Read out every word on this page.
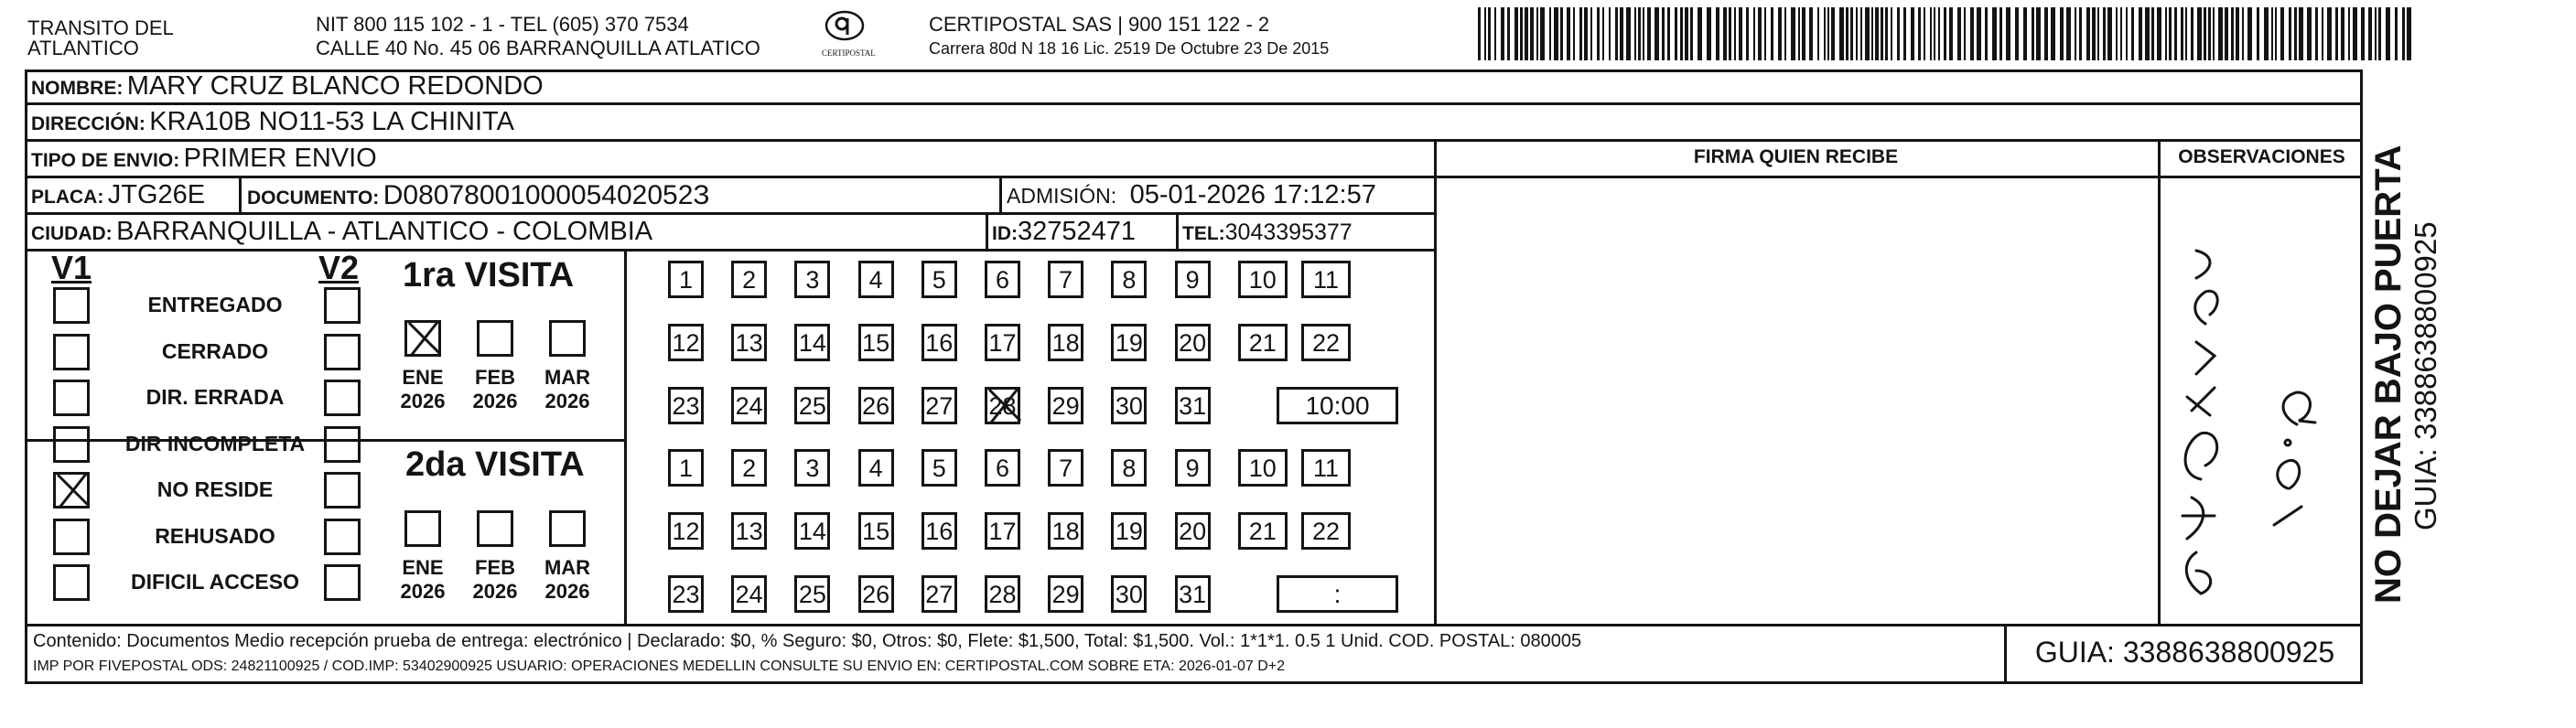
TRANSITO DEL
ATLANTICO
NIT 800 115 102 - 1 - TEL (605) 370 7534
CALLE 40 No. 45 06 BARRANQUILLA ATLATICO	CERTIPOSTAL
CERTIPOSTAL SAS | 900 151 122 - 2
Carrera 80d N 18 16 Lic. 2519 De Octubre 23 De 2015
NOMBRE: MARY CRUZ BLANCO REDONDO
DIRECCIÓN: KRA10B NO11-53 LA CHINITA
TIPO DE ENVIO: PRIMER ENVIO	FIRMA QUIEN RECIBE	OBSERVACIONES
PLACA: JTG26E DOCUMENTO: D0807800100005402052З	ADMISIÓN: 05-01-2026 17:12:57
CIUDAD: BARRANQUILLA - ATLANTICO - COLOMBIA	ID:32752471 TEL:3043395377
V1	V2
ENTREGADO
CERRADO
DIR. ERRADA
DIR INCOMPLETA
NO RESIDE
REHUSADO
DIFICIL ACCESO
1ra VISITA
ENE
2026
FEB
2026
MAR
2026
1	2	3	4	5	6	7	8	9	10	11
12 13 14 15 16 17 18 19 20	21	22
23 24 25 26 27 28 29 30 31	10:00
2da VISITA
ENE
2026
FEB
2026
MAR
2026
1	2	3	4	5	6	7	8	9	10	11
12 13 14 15 16 17 18 19 20	21	22
23 24 25 26 27 28 29 30 31	:
Contenido: Documentos Medio recepción prueba de entrega: electrónico | Declarado: $0, % Seguro: $0, Otros: $0, Flete: $1,500, Total: $1,500. Vol.: 1*1*1. 0.5 1 Unid. COD. POSTAL: 080005
IMP POR FIVEPOSTAL ODS: 24821100925 / COD.IMP: 53402900925 USUARIO: OPERACIONES MEDELLIN CONSULTE SU ENVIO EN: CERTIPOSTAL.COM SOBRE ETA: 2026-01-07 D+2	GUIA: 3388638800925
NO DEJAR BAJO PUERTA GUIA: 3388638800925
